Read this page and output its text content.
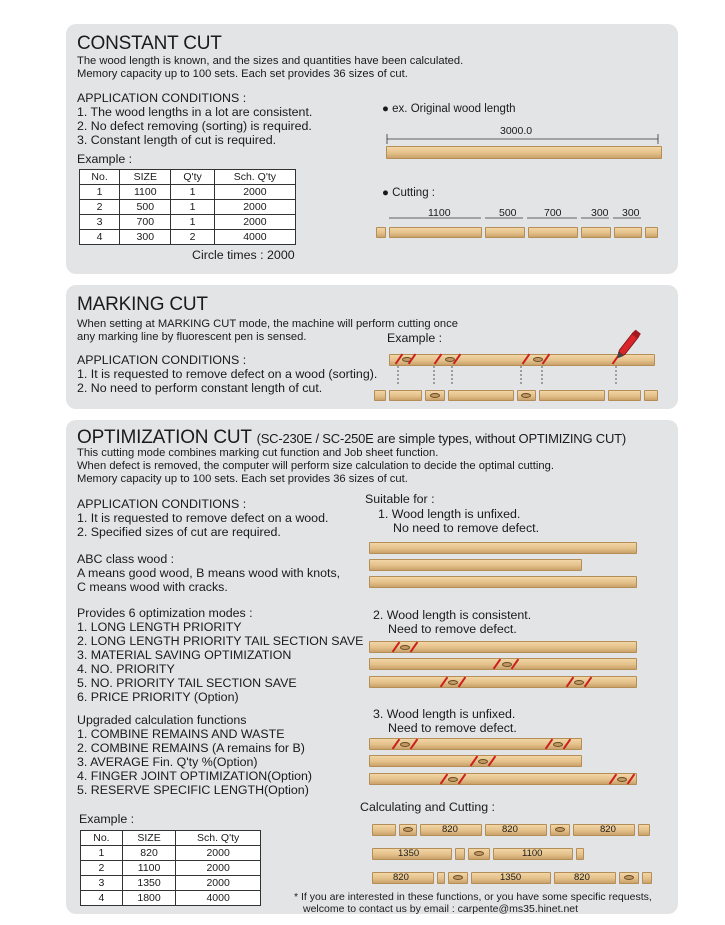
CONSTANT CUT
The wood length is known, and the sizes and quantities have been calculated.
Memory capacity up to 100 sets. Each set provides 36 sizes of cut.
APPLICATION CONDITIONS :
1. The wood lengths in a lot are consistent.
2. No defect removing (sorting) is required.
3. Constant length of cut is required.
Example :
No.	SIZE	Q'ty	Sch. Q'ty
1	1100	1	2000
2	500	1	2000
3	700	1	2000
4	300	2	4000
Circle times : 2000
● ex. Original wood length
3000.0
● Cutting :
1100	500	700	300 300
MARKING CUT
When setting at MARKING CUT mode, the machine will perform cutting once
any marking line by fluorescent pen is sensed.	Example :
APPLICATION CONDITIONS :
1. It is requested to remove defect on a wood (sorting).
2. No need to perform constant length of cut.
OPTIMIZATION CUT (SC-230E / SC-250E are simple types, without OPTIMIZING CUT)
This cutting mode combines marking cut function and Job sheet function.
When defect is removed, the computer will perform size calculation to decide the optimal cutting.
Memory capacity up to 100 sets. Each set provides 36 sizes of cut.
APPLICATION CONDITIONS :
1. It is requested to remove defect on a wood.
2. Specified sizes of cut are required.
ABC class wood :
A means good wood, B means wood with knots,
C means wood with cracks.
Provides 6 optimization modes :
1. LONG LENGTH PRIORITY
2. LONG LENGTH PRIORITY TAIL SECTION SAVE
3. MATERIAL SAVING OPTIMIZATION
4. NO. PRIORITY
5. NO. PRIORITY TAIL SECTION SAVE
6. PRICE PRIORITY (Option)
Upgraded calculation functions
1. COMBINE REMAINS AND WASTE
2. COMBINE REMAINS (A remains for B)
3. AVERAGE Fin. Q'ty %(Option)
4. FINGER JOINT OPTIMIZATION(Option)
5. RESERVE SPECIFIC LENGTH(Option)
Example :
No.	SIZE	Sch. Q'ty
1	820	2000
2	1100	2000
3	1350	2000
4	1800	4000
Suitable for :
1. Wood length is unfixed.
No need to remove defect.
2. Wood length is consistent.
Need to remove defect.
3. Wood length is unfixed.
Need to remove defect.
Calculating and Cutting :
820	820	820
1350	1100
820	1350	820
* If you are interested in these functions, or you have some specific requests,
welcome to contact us by email : carpente@ms35.hinet.net
